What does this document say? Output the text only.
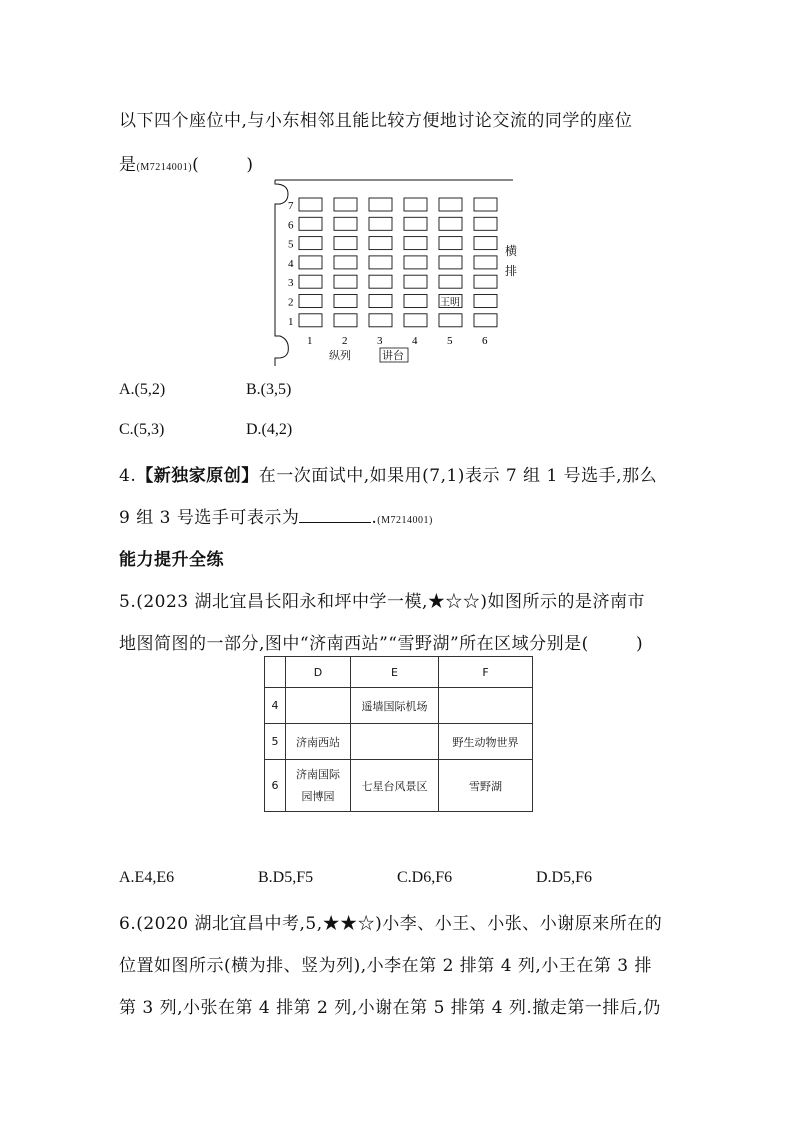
以下四个座位中,与小东相邻且能比较方便地讨论交流的同学的座位
是(M7214001)(        )
王明
7
6
5
4
3
2
1
1	2	3	4	5	6
横
排
纵列	讲台
A.(5,2)	B.(3,5)
C.(5,3)	D.(4,2)
4.【新独家原创】在一次面试中,如果用(7,1)表示 7 组 1 号选手,那么
9 组 3 号选手可表示为	.(M7214001)
能力提升全练
5.(2023 湖北宜昌长阳永和坪中学一模,★☆☆)如图所示的是济南市
地图简图的一部分,图中“济南西站”“雪野湖”所在区域分别是(        )
	D	E	F
4		遥墙国际机场	
5	济南西站		野生动物世界
6	济南国际
园博园	七星台风景区	雪野湖
A.E4,E6	B.D5,F5	C.D6,F6	D.D5,F6
6.(2020 湖北宜昌中考,5,★★☆)小李、小王、小张、小谢原来所在的
位置如图所示(横为排、竖为列),小李在第 2 排第 4 列,小王在第 3 排
第 3 列,小张在第 4 排第 2 列,小谢在第 5 排第 4 列.撤走第一排后,仍
